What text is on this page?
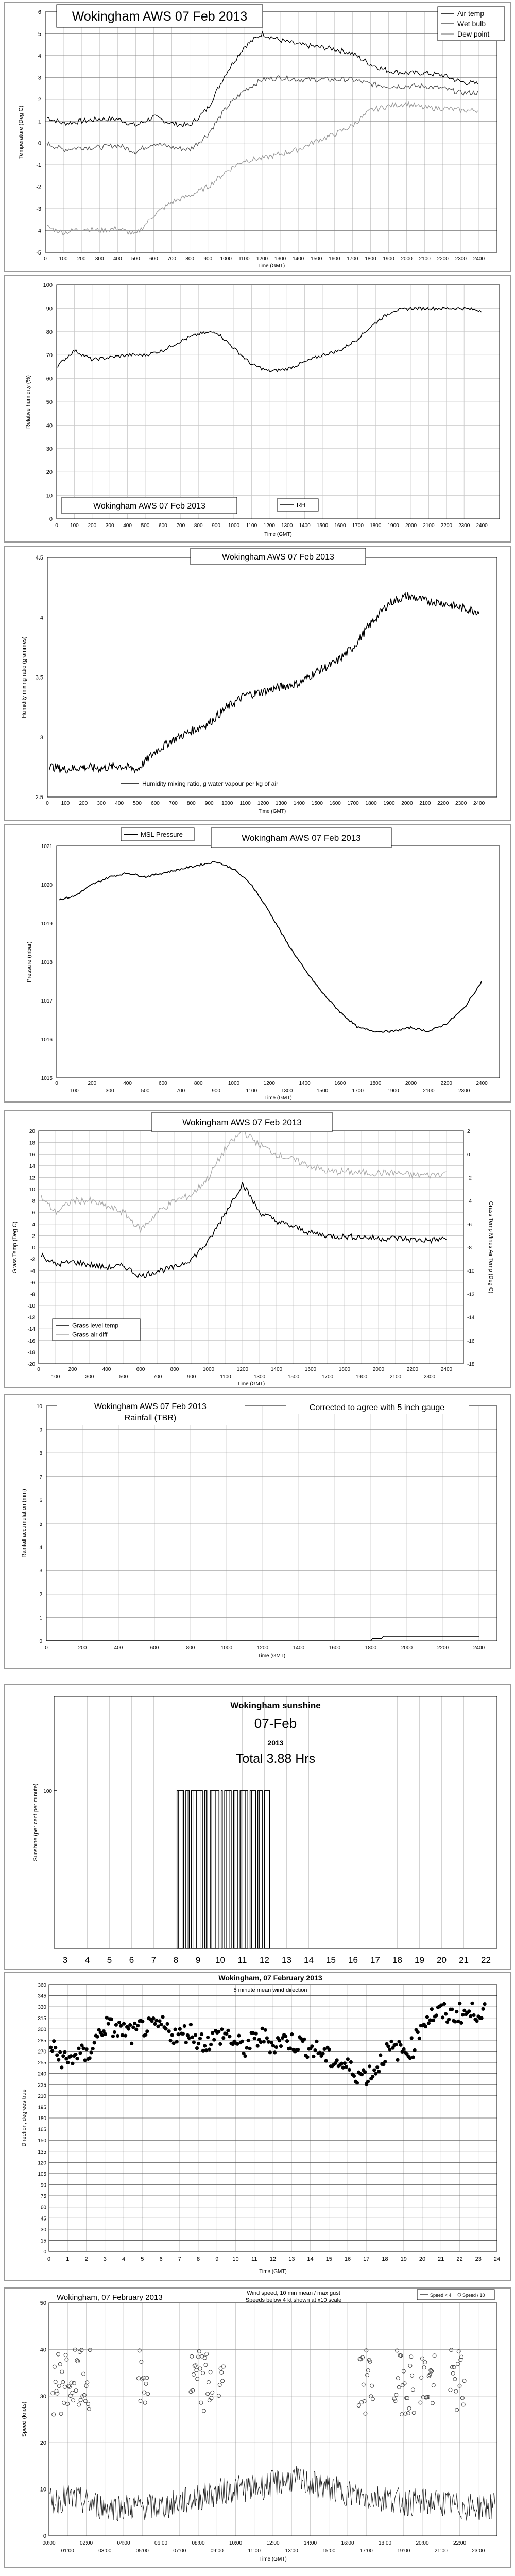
0 100 200 300 400 500 600 700 800 900 1000 1100 1200 1300 1400 1500 1600 1700 1800 1900 2000 2100 2200 2300 2400
-5
-4
-3
-2
-1
0
1
2
3
4
5
6
Time (GMT)
Temperature (Deg C)
Wokingham AWS 07 Feb 2013	Air temp
Wet bulb
Dew point
0 100 200 300 400 500 600 700 800 900 1000 1100 1200 1300 1400 1500 1600 1700 1800 1900 2000 2100 2200 2300 2400
0
10
20
30
40
50
60
70
80
90
100
Time (GMT)
Relative humidity (%)
Wokingham AWS 07 Feb 2013	RH
0 100 200 300 400 500 600 700 800 900 1000 1100 1200 1300 1400 1500 1600 1700 1800 1900 2000 2100 2200 2300 2400
2.5
3
3.5
4
4.5
Time (GMT)
Humidity mixing ratio (grammes)
Wokingham AWS 07 Feb 2013
Humidity mixing ratio, g water vapour per kg of air
0	200	400	600	800	1000	1200	1400	1600	1800	2000	2200	2400
100	300	500	700	900	1100	1300	1500	1700	1900	2100	2300
1015
1016
1017
1018
1019
1020
1021
Time (GMT)
Pressure (mbar)
MSL Pressure	Wokingham AWS 07 Feb 2013
0	200	400	600	800	1000	1200	1400	1600	1800	2000	2200	2400
100	300	500	700	900	1100	1300	1500	1700	1900	2100	2300
-20
-18
-16
-14
-12
-10
-8
-6
-4
-2
0
2
4
6
8
10
12
14
16
18
20
-18
-16
-14
-12
-10
-8
-6
-4
-2
0
2
Time (GMT)
Grass Temp (Deg C)	Grass Temp Minus Air Temp (Deg C)
Wokingham AWS 07 Feb 2013
Grass level temp
Grass-air diff
0	200	400	600	800	1000	1200	1400	1600	1800	2000	2200	2400
0
1
2
3
4
5
6
7
8
9
10
Time (GMT)
Rainfall accumulation (mm)
Wokingham AWS 07 Feb 2013
Rainfall (TBR)
Corrected to agree with 5 inch gauge
100
3 4 5 6 7 8 9 10 11 12 13 14 15 16 17 18 19 20 21 22
Sunshine (per cent per minute)
Wokingham sunshine
07-Feb
2013
Total 3.88 Hrs
0	1	2	3	4	5	6	7	8	9 10 11 12 13 14 15 16 17 18 19 20 21 22 23 24
0
15
30
45
60
75
90
105
120
135
150
165
180
195
210
225
240
255
270
285
300
315
330
345
360
Time (GMT)
Direction, degrees true
Wokingham, 07 February 2013
5 minute mean wind direction
00:00	02:00	04:00	06:00	08:00	10:00	12:00	14:00	16:00	18:00	20:00	22:00
01:00	03:00	05:00	07:00	09:00	11:00	13:00	15:00	17:00	19:00	21:00	23:00
0
10
20
30
40
50
Time (GMT)
Speed (knots)
Wokingham, 07 February 2013	Wind speed, 10 min mean / max gust
Speeds below 4 kt shown at x10 scale
Speed < 4 Speed / 10
